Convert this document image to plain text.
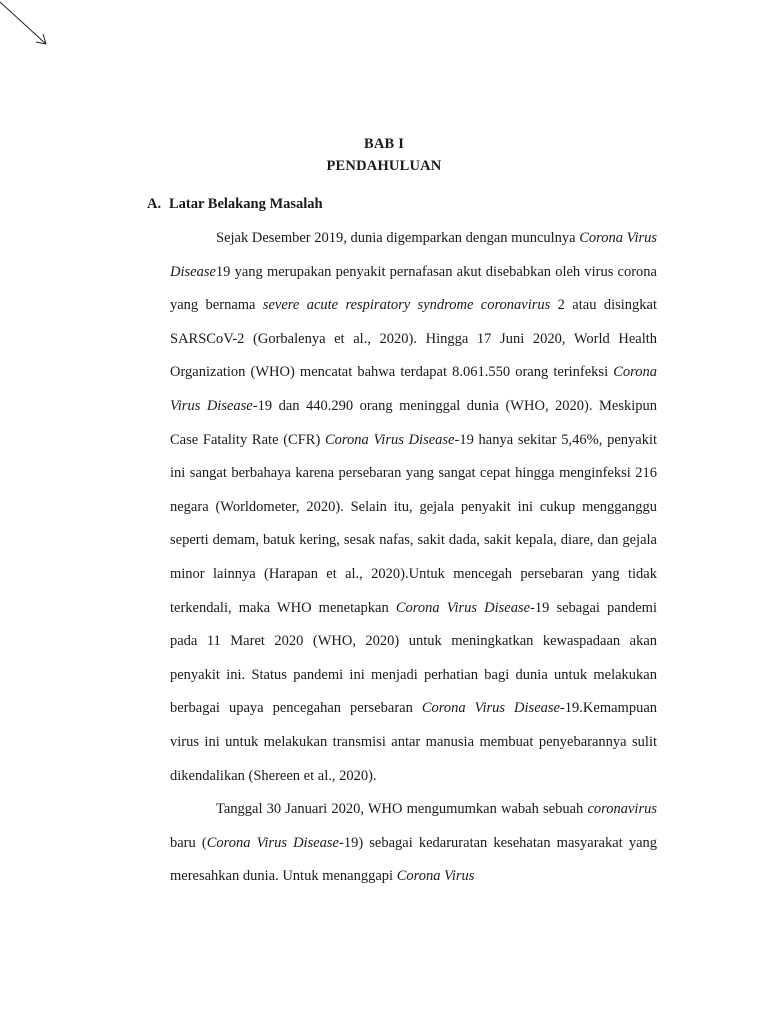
BAB I
PENDAHULUAN
A. Latar Belakang Masalah

Sejak Desember 2019, dunia digemparkan dengan munculnya Corona Virus Disease19 yang merupakan penyakit pernafasan akut disebabkan oleh virus corona yang bernama severe acute respiratory syndrome coronavirus 2 atau disingkat SARSCoV-2 (Gorbalenya et al., 2020). Hingga 17 Juni 2020, World Health Organization (WHO) mencatat bahwa terdapat 8.061.550 orang terinfeksi Corona Virus Disease-19 dan 440.290 orang meninggal dunia (WHO, 2020). Meskipun Case Fatality Rate (CFR) Corona Virus Disease-19 hanya sekitar 5,46%, penyakit ini sangat berbahaya karena persebaran yang sangat cepat hingga menginfeksi 216 negara (Worldometer, 2020). Selain itu, gejala penyakit ini cukup mengganggu seperti demam, batuk kering, sesak nafas, sakit dada, sakit kepala, diare, dan gejala minor lainnya (Harapan et al., 2020).Untuk mencegah persebaran yang tidak terkendali, maka WHO menetapkan Corona Virus Disease-19 sebagai pandemi pada 11 Maret 2020 (WHO, 2020) untuk meningkatkan kewaspadaan akan penyakit ini. Status pandemi ini menjadi perhatian bagi dunia untuk melakukan berbagai upaya pencegahan persebaran Corona Virus Disease-19.Kemampuan virus ini untuk melakukan transmisi antar manusia membuat penyebarannya sulit dikendalikan (Shereen et al., 2020).

Tanggal 30 Januari 2020, WHO mengumumkan wabah sebuah coronavirus baru (Corona Virus Disease-19) sebagai kedaruratan kesehatan masyarakat yang meresahkan dunia. Untuk menanggapi Corona Virus
